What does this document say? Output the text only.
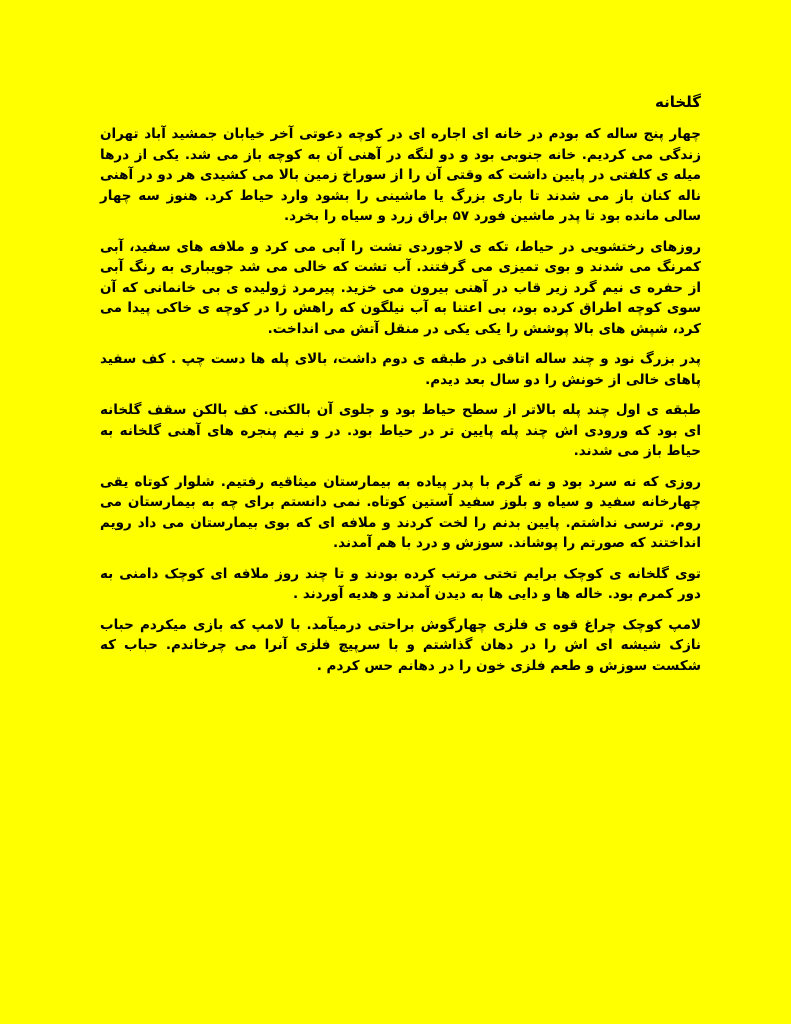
گلخانه

چهار پنج ساله که بودم در خانه ای اجاره ای در کوچه دعوتی آخر خیابان جمشید آباد تهران زندگی می کردیم. خانه جنوبی بود و دو لنگه در آهنی آن به کوچه باز می شد. یکی از درها میله ی کلفتی در پایین داشت که وقتی آن را از سوراخ زمین بالا می کشیدی هر دو در آهنی ناله کنان باز می شدند تا باری بزرگ یا ماشینی را بشود وارد حیاط کرد. هنوز سه چهار سالی مانده بود تا پدر ماشین فورد ۵۷ براق زرد و سیاه را بخرد.

روزهای رختشویی در حیاط، تکه ی لاجوردی تشت را آبی می کرد و ملافه های سفید، آبی کمرنگ می شدند و بوی تمیزی می گرفتند. آب تشت که خالی می شد جویباری به رنگ آبی از حفره ی نیم گرد زیر قاب در آهنی بیرون می خزید. پیرمرد ژولیده ی بی خانمانی که آن سوی کوچه اطراق کرده بود، بی اعتنا به آب نیلگون که راهش را در کوچه ی خاکی پیدا می کرد، شپش های بالا پوشش را یکی یکی در منقل آتش می انداخت.

پدر بزرگ نود و چند ساله اتاقی در طبقه ی دوم داشت، بالای پله ها دست چپ . کف سفید پاهای خالی از خونش را دو سال بعد دیدم.

طبقه ی اول چند پله بالاتر از سطح حیاط بود و جلوی آن بالکنی. کف بالکن سقف گلخانه ای بود که ورودی اش چند پله پایین تر در حیاط بود. در و نیم پنجره های آهنی گلخانه به حیاط باز می شدند.

روزی که نه سرد بود و نه گرم با پدر پیاده به بیمارستان میثاقیه رفتیم. شلوار کوتاه یقی چهارخانه سفید و سیاه و بلوز سفید آستین کوتاه. نمی دانستم برای چه به بیمارستان می روم. ترسی نداشتم. پایین بدنم را لخت کردند و ملافه ای که بوی بیمارستان می داد رویم انداختند که صورتم را پوشاند. سوزش و درد با هم آمدند.

توی گلخانه ی کوچک برایم تختی مرتب کرده بودند و تا چند روز ملافه ای کوچک دامنی به دور کمرم بود. خاله ها و دایی ها به دیدن آمدند و هدیه آوردند .

لامپ کوچک چراغ قوه ی فلزی چهارگوش براحتی درمیآمد. با لامپ که بازی میکردم حباب نازک شیشه ای اش را در دهان گذاشتم و با سرپیچ فلزی آنرا می چرخاندم. حباب که شکست سوزش و طعم فلزی خون را در دهانم حس کردم .
